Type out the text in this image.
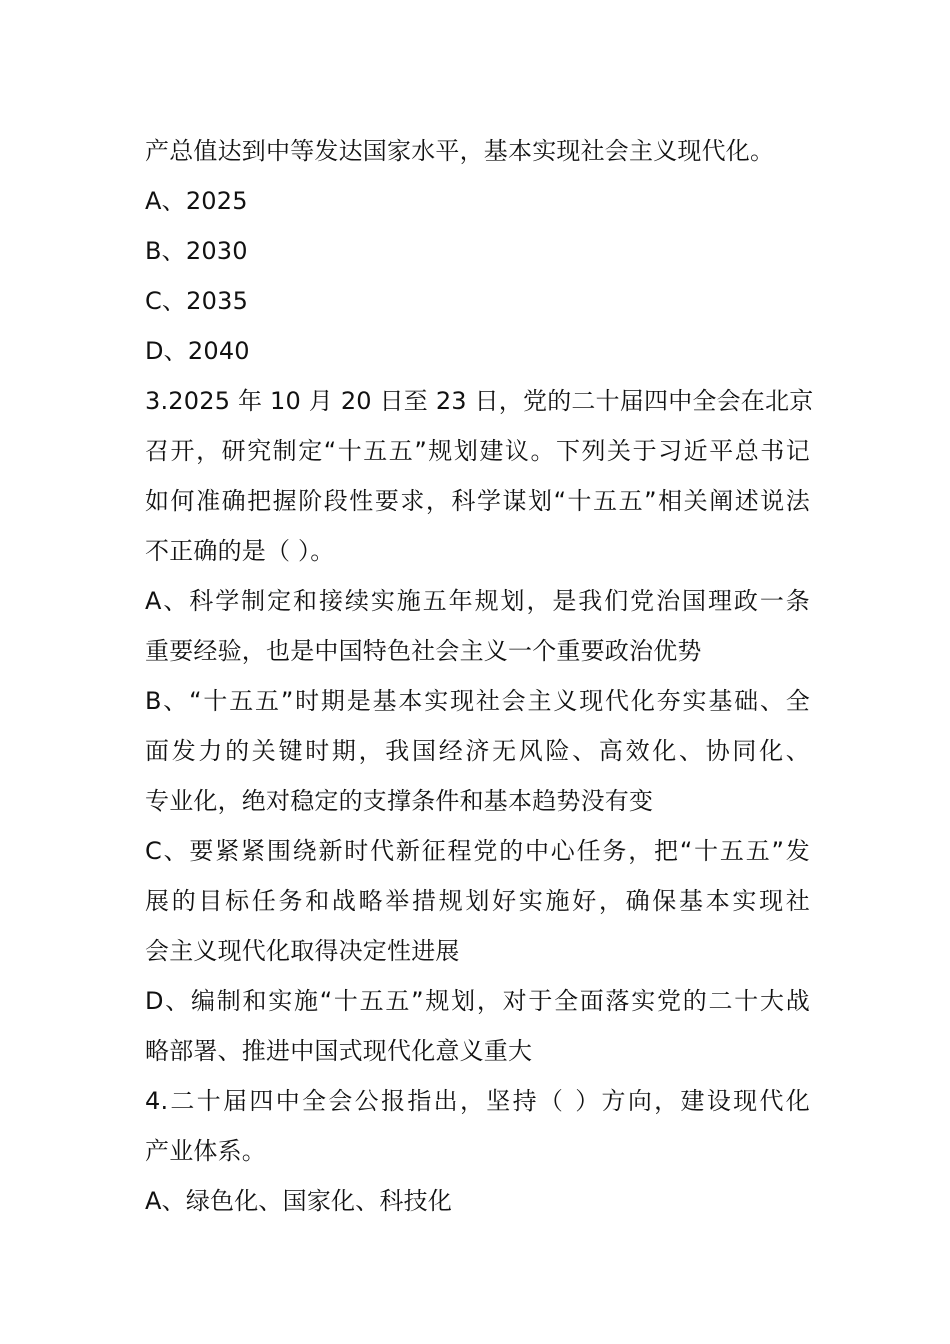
产总值达到中等发达国家水平，基本实现社会主义现代化。
A、2025
B、2030
C、2035
D、2040
3.2025 年 10 月 20 日至 23 日，党的二十届四中全会在北京
召开，研究制定“十五五”规划建议。下列关于习近平总书记
如何准确把握阶段性要求，科学谋划“十五五”相关阐述说法
不正确的是（ ）。
A、科学制定和接续实施五年规划，是我们党治国理政一条
重要经验，也是中国特色社会主义一个重要政治优势
B、“十五五”时期是基本实现社会主义现代化夯实基础、全
面发力的关键时期，我国经济无风险、高效化、协同化、
专业化，绝对稳定的支撑条件和基本趋势没有变
C、要紧紧围绕新时代新征程党的中心任务，把“十五五”发
展的目标任务和战略举措规划好实施好，确保基本实现社
会主义现代化取得决定性进展
D、编制和实施“十五五”规划，对于全面落实党的二十大战
略部署、推进中国式现代化意义重大
4.二十届四中全会公报指出，坚持（ ）方向，建设现代化
产业体系。
A、绿色化、国家化、科技化
